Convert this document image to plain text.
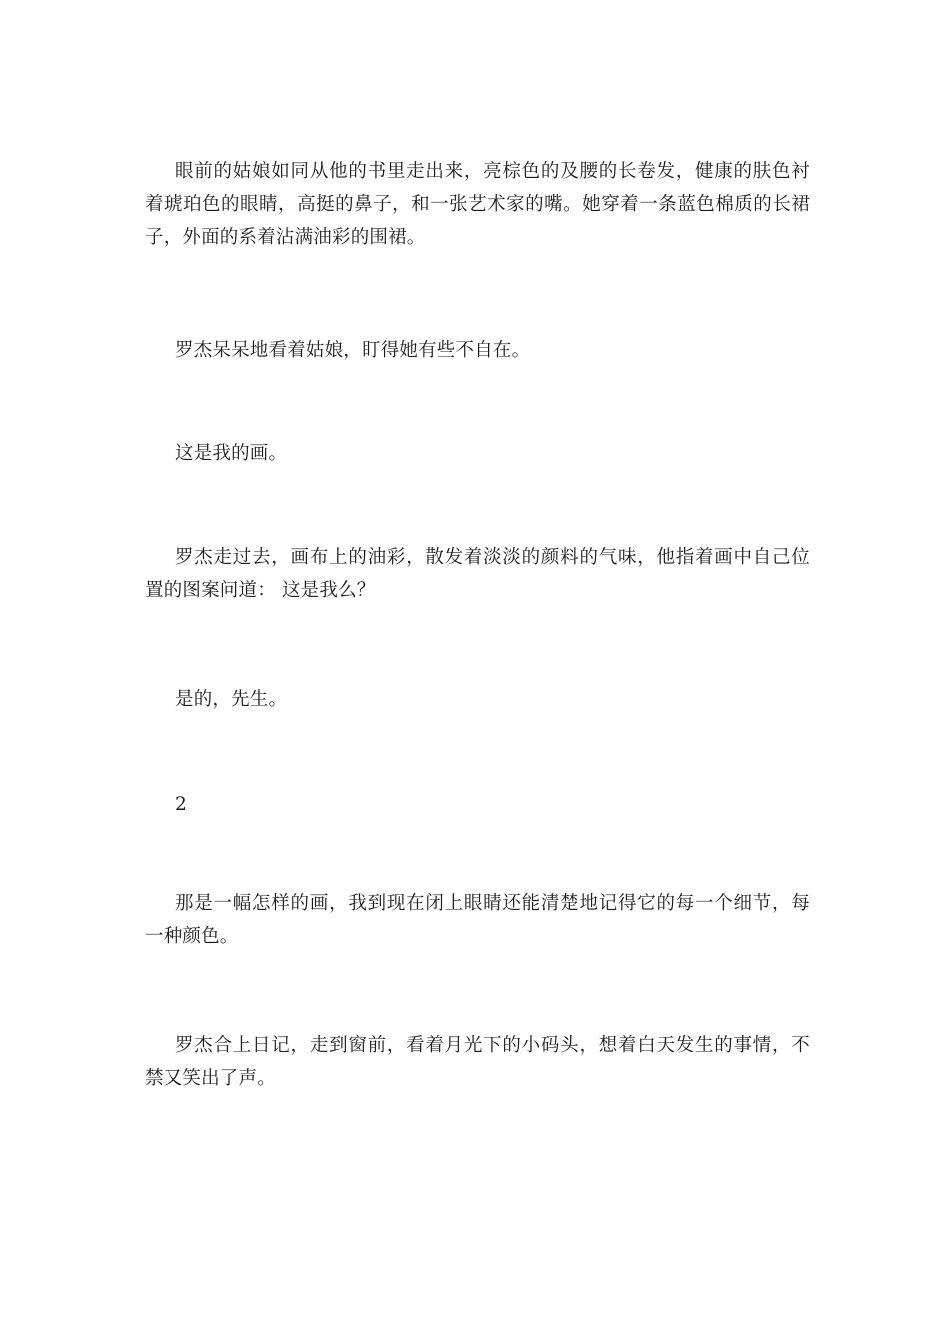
眼前的姑娘如同从他的书里走出来，亮棕色的及腰的长卷发，健康的肤色衬着琥珀色的眼睛，高挺的鼻子，和一张艺术家的嘴。她穿着一条蓝色棉质的长裙子，外面的系着沾满油彩的围裙。

罗杰呆呆地看着姑娘，盯得她有些不自在。

这是我的画。

罗杰走过去，画布上的油彩，散发着淡淡的颜料的气味，他指着画中自己位置的图案问道： 这是我么？

是的，先生。

2

那是一幅怎样的画，我到现在闭上眼睛还能清楚地记得它的每一个细节，每一种颜色。

罗杰合上日记，走到窗前，看着月光下的小码头，想着白天发生的事情，不禁又笑出了声。
